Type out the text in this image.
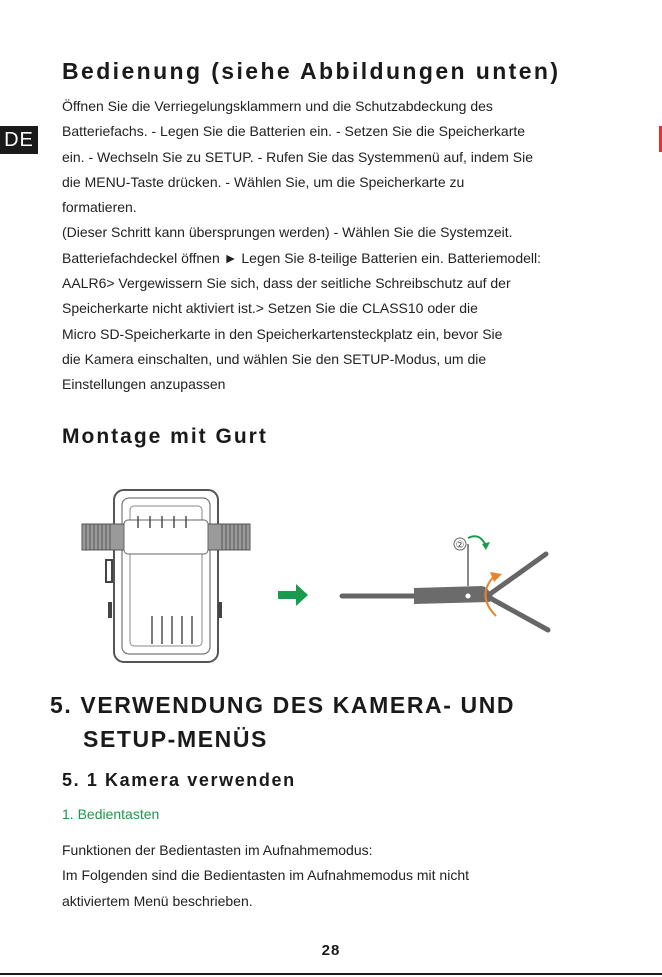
DE
Bedienung (siehe Abbildungen unten)
Öffnen Sie die Verriegelungsklammern und die Schutzabdeckung des
Batteriefachs. - Legen Sie die Batterien ein. - Setzen Sie die Speicherkarte
ein. - Wechseln Sie zu SETUP. - Rufen Sie das Systemmenü auf, indem Sie
die MENU-Taste drücken. - Wählen Sie, um die Speicherkarte zu
formatieren.
(Dieser Schritt kann übersprungen werden) - Wählen Sie die Systemzeit.
Batteriefachdeckel öffnen ► Legen Sie 8-teilige Batterien ein. Batteriemodell:
AALR6> Vergewissern Sie sich, dass der seitliche Schreibschutz auf der
Speicherkarte nicht aktiviert ist.> Setzen Sie die CLASS10 oder die
Micro SD-Speicherkarte in den Speicherkartensteckplatz ein, bevor Sie
die Kamera einschalten, und wählen Sie den SETUP-Modus, um die
Einstellungen anzupassen
Montage mit Gurt
②
5. VERWENDUNG DES KAMERA- UND
SETUP-MENÜS
5. 1 Kamera verwenden
1. Bedientasten
Funktionen der Bedientasten im Aufnahmemodus:
Im Folgenden sind die Bedientasten im Aufnahmemodus mit nicht
aktiviertem Menü beschrieben.
28
